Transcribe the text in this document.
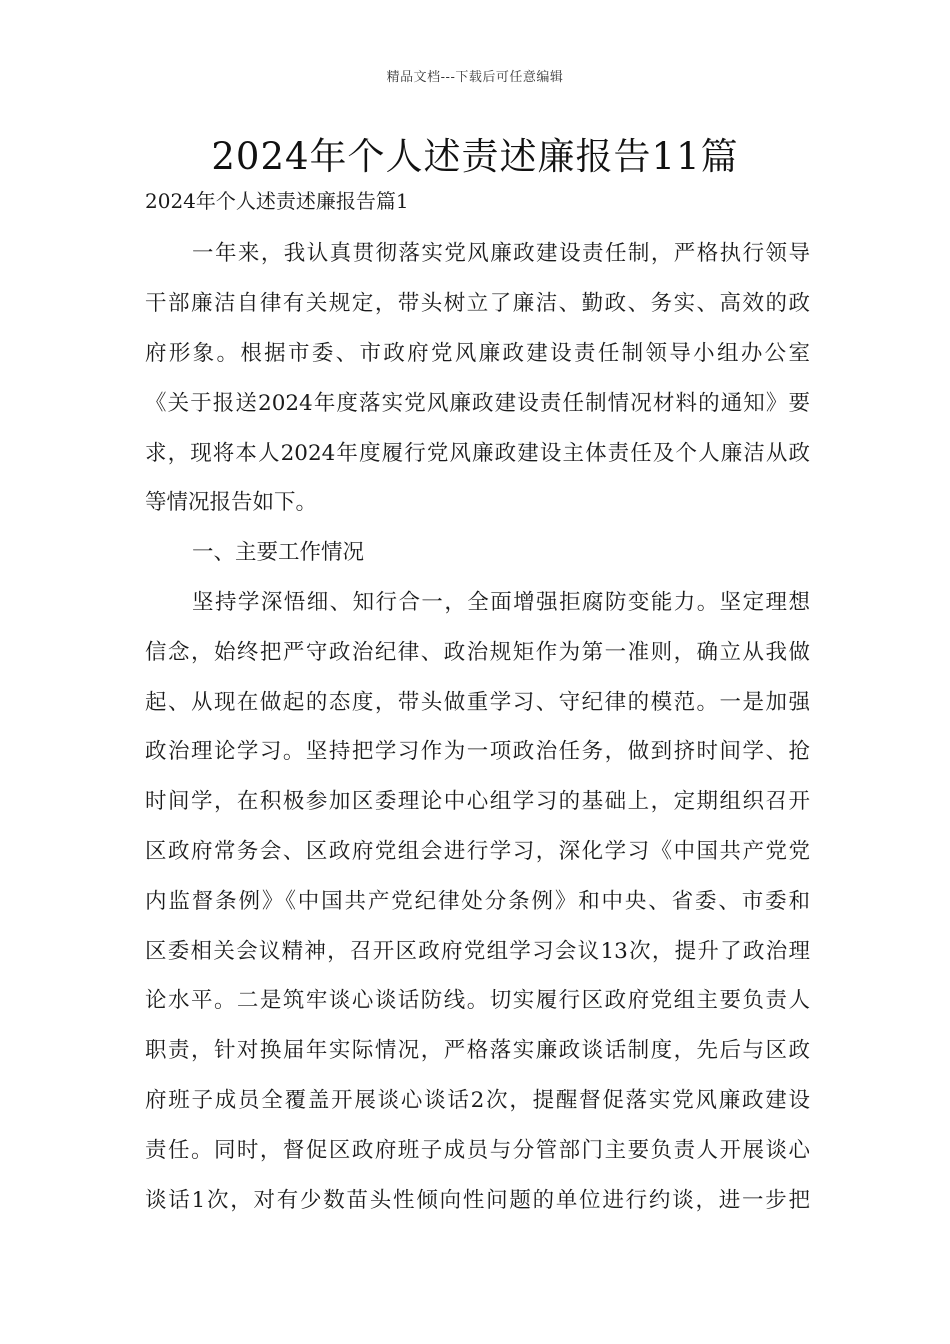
精品文档---下载后可任意编辑
2024年个人述责述廉报告11篇
2024年个人述责述廉报告篇1
一年来，我认真贯彻落实党风廉政建设责任制，严格执行领导
干部廉洁自律有关规定，带头树立了廉洁、勤政、务实、高效的政
府形象。根据市委、市政府党风廉政建设责任制领导小组办公室
《关于报送2024年度落实党风廉政建设责任制情况材料的通知》要
求，现将本人2024年度履行党风廉政建设主体责任及个人廉洁从政
等情况报告如下。
一、主要工作情况
坚持学深悟细、知行合一，全面增强拒腐防变能力。坚定理想
信念，始终把严守政治纪律、政治规矩作为第一准则，确立从我做
起、从现在做起的态度，带头做重学习、守纪律的模范。一是加强
政治理论学习。坚持把学习作为一项政治任务，做到挤时间学、抢
时间学，在积极参加区委理论中心组学习的基础上，定期组织召开
区政府常务会、区政府党组会进行学习，深化学习《中国共产党党
内监督条例》《中国共产党纪律处分条例》和中央、省委、市委和
区委相关会议精神，召开区政府党组学习会议13次，提升了政治理
论水平。二是筑牢谈心谈话防线。切实履行区政府党组主要负责人
职责，针对换届年实际情况，严格落实廉政谈话制度，先后与区政
府班子成员全覆盖开展谈心谈话2次，提醒督促落实党风廉政建设
责任。同时，督促区政府班子成员与分管部门主要负责人开展谈心
谈话1次，对有少数苗头性倾向性问题的单位进行约谈，进一步把
